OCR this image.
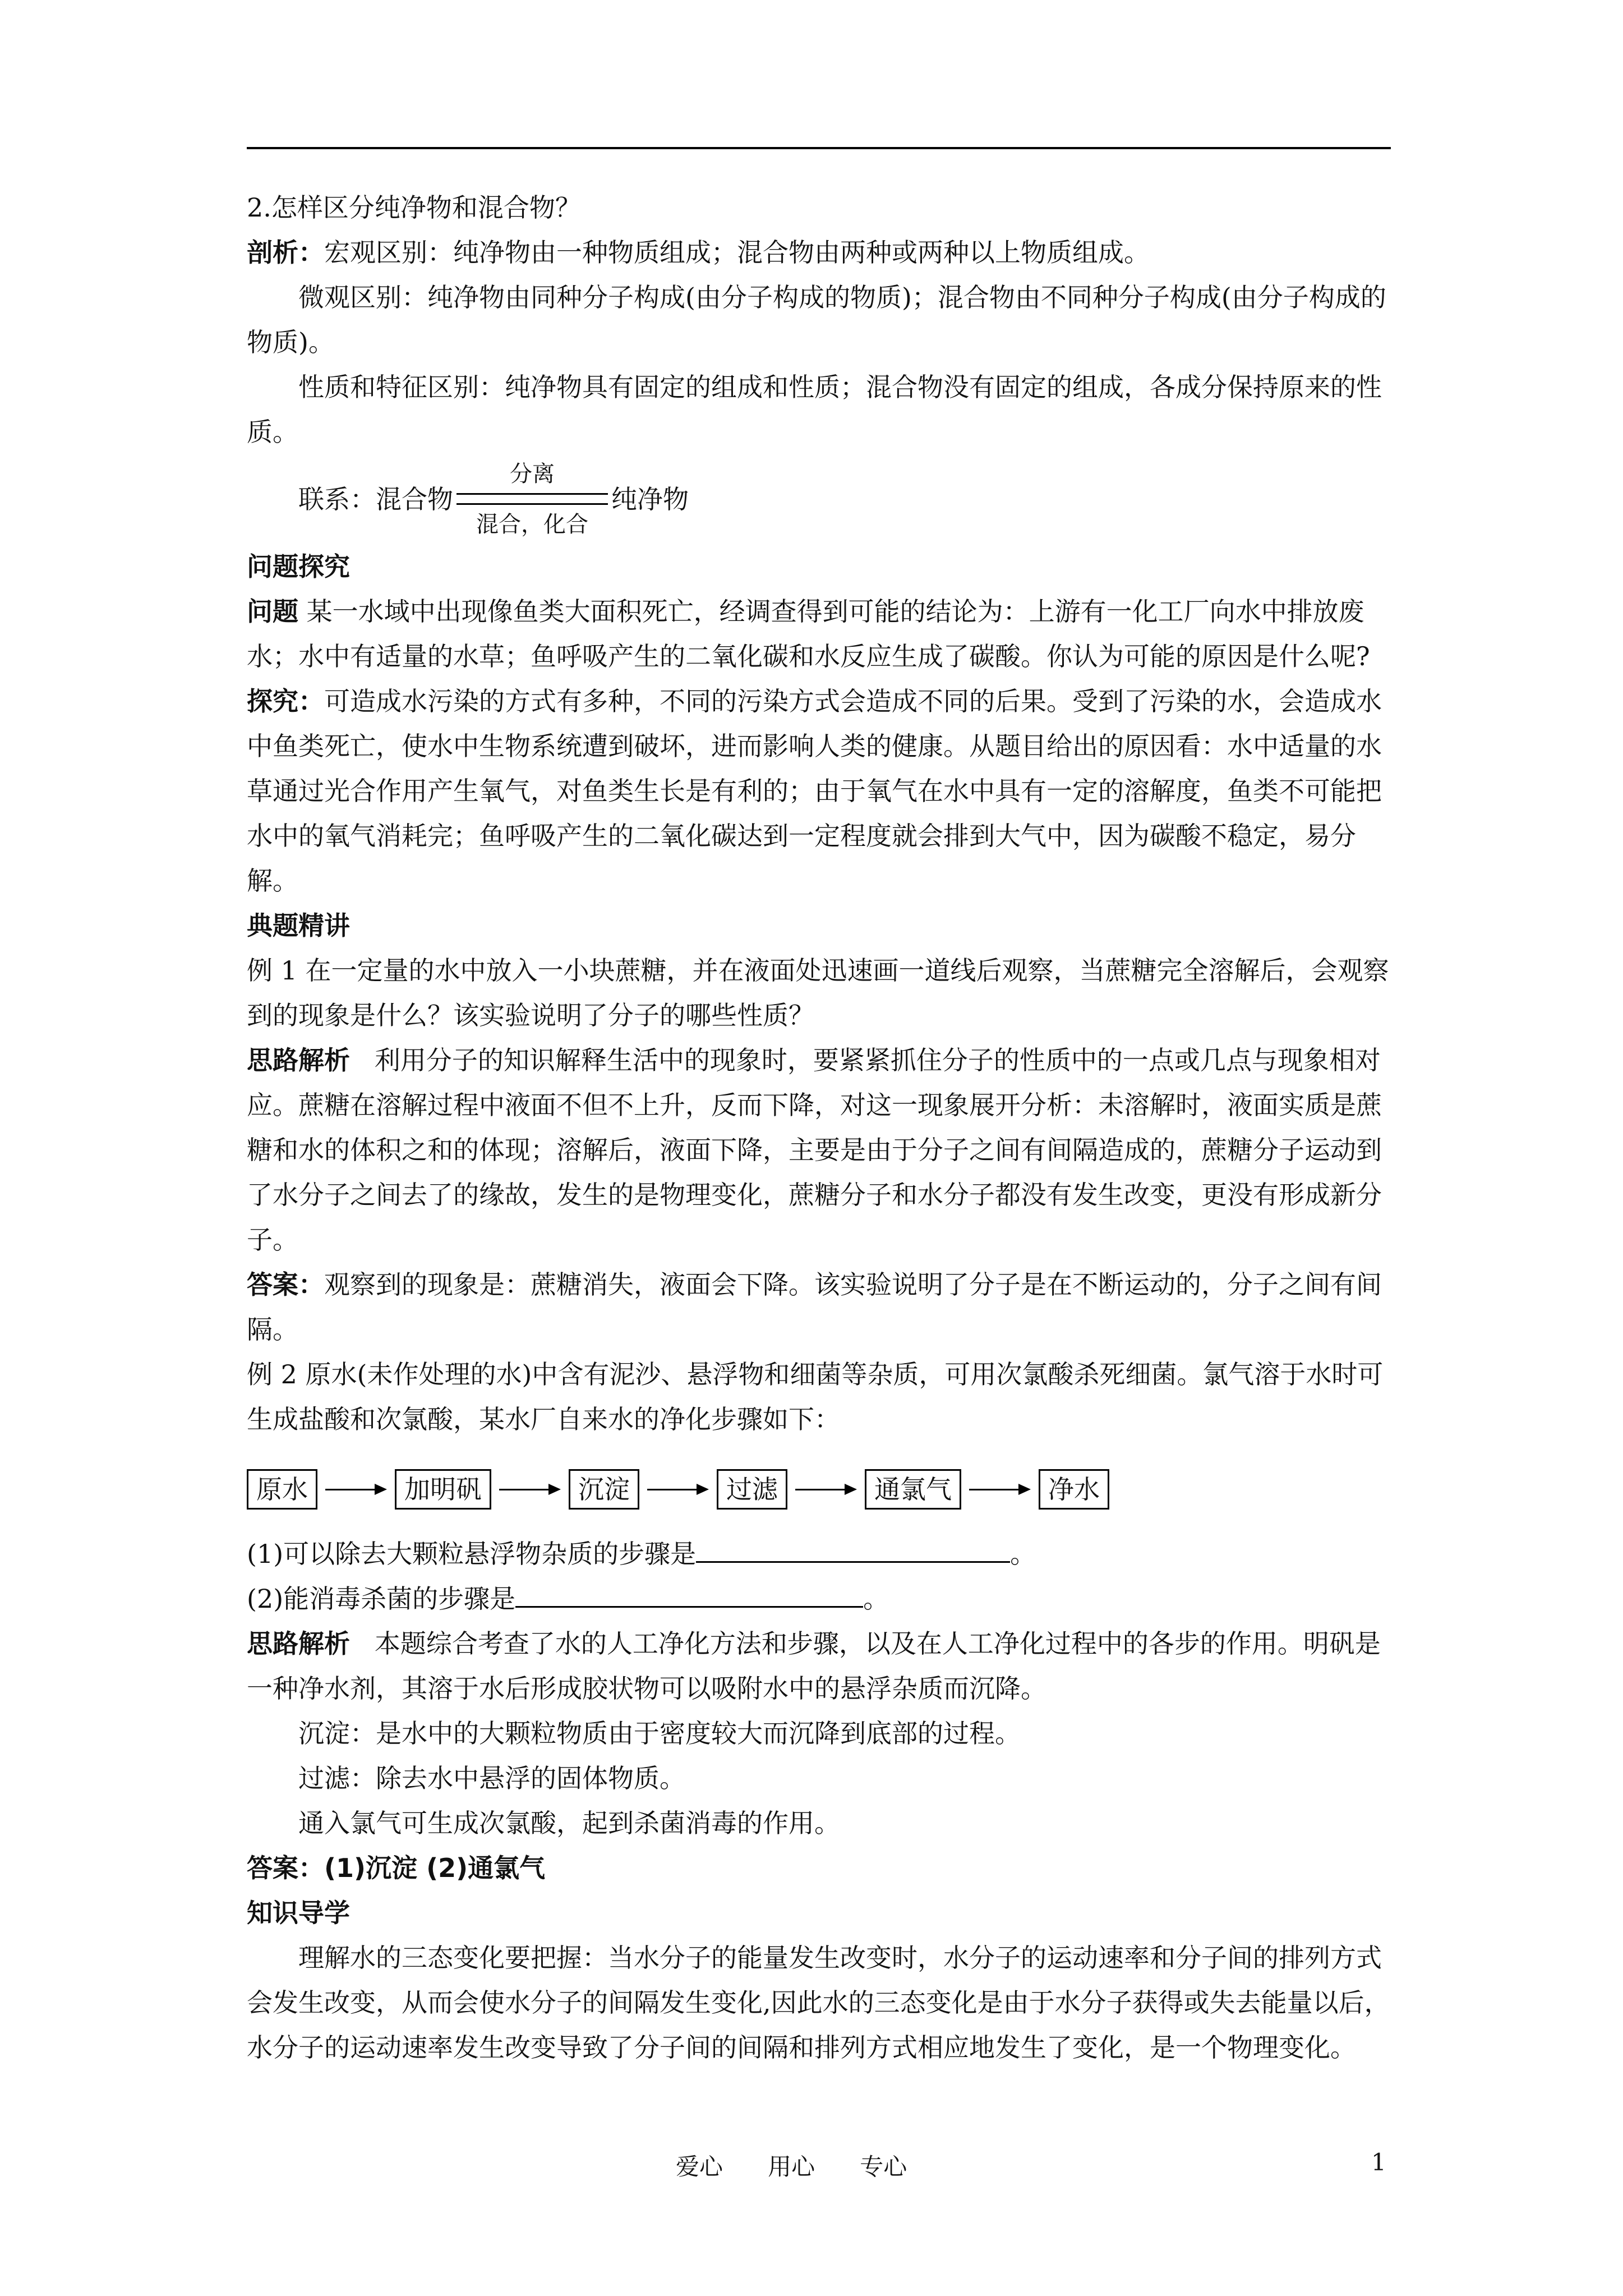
2.怎样区分纯净物和混合物？

剖析：宏观区别：纯净物由一种物质组成；混合物由两种或两种以上物质组成。

微观区别：纯净物由同种分子构成(由分子构成的物质)；混合物由不同种分子构成(由分子构成的物质)。

性质和特征区别：纯净物具有固定的组成和性质；混合物没有固定的组成，各成分保持原来的性质。

联系：混合物
分离
混合，化合
纯净物

问题探究

问题 某一水域中出现像鱼类大面积死亡，经调查得到可能的结论为：上游有一化工厂向水中排放废水；水中有适量的水草；鱼呼吸产生的二氧化碳和水反应生成了碳酸。你认为可能的原因是什么呢?

探究：可造成水污染的方式有多种，不同的污染方式会造成不同的后果。受到了污染的水，会造成水中鱼类死亡，使水中生物系统遭到破坏，进而影响人类的健康。从题目给出的原因看：水中适量的水草通过光合作用产生氧气，对鱼类生长是有利的；由于氧气在水中具有一定的溶解度，鱼类不可能把水中的氧气消耗完；鱼呼吸产生的二氧化碳达到一定程度就会排到大气中，因为碳酸不稳定，易分解。

典题精讲

例 1 在一定量的水中放入一小块蔗糖，并在液面处迅速画一道线后观察，当蔗糖完全溶解后，会观察到的现象是什么？该实验说明了分子的哪些性质？

思路解析 利用分子的知识解释生活中的现象时，要紧紧抓住分子的性质中的一点或几点与现象相对应。蔗糖在溶解过程中液面不但不上升，反而下降，对这一现象展开分析：未溶解时，液面实质是蔗糖和水的体积之和的体现；溶解后，液面下降，主要是由于分子之间有间隔造成的，蔗糖分子运动到了水分子之间去了的缘故，发生的是物理变化，蔗糖分子和水分子都没有发生改变，更没有形成新分子。

答案：观察到的现象是：蔗糖消失，液面会下降。该实验说明了分子是在不断运动的，分子之间有间隔。

例 2 原水(未作处理的水)中含有泥沙、悬浮物和细菌等杂质，可用次氯酸杀死细菌。氯气溶于水时可生成盐酸和次氯酸，某水厂自来水的净化步骤如下：

原水	加明矾	沉淀	过滤	通氯气	净水

(1)可以除去大颗粒悬浮物杂质的步骤是	。

(2)能消毒杀菌的步骤是	。

思路解析 本题综合考查了水的人工净化方法和步骤，以及在人工净化过程中的各步的作用。明矾是一种净水剂，其溶于水后形成胶状物可以吸附水中的悬浮杂质而沉降。

沉淀：是水中的大颗粒物质由于密度较大而沉降到底部的过程。

过滤：除去水中悬浮的固体物质。

通入氯气可生成次氯酸，起到杀菌消毒的作用。

答案：(1)沉淀 (2)通氯气

知识导学

理解水的三态变化要把握：当水分子的能量发生改变时，水分子的运动速率和分子间的排列方式会发生改变，从而会使水分子的间隔发生变化,因此水的三态变化是由于水分子获得或失去能量以后，水分子的运动速率发生改变导致了分子间的间隔和排列方式相应地发生了变化，是一个物理变化。

爱心      用心      专心	1
